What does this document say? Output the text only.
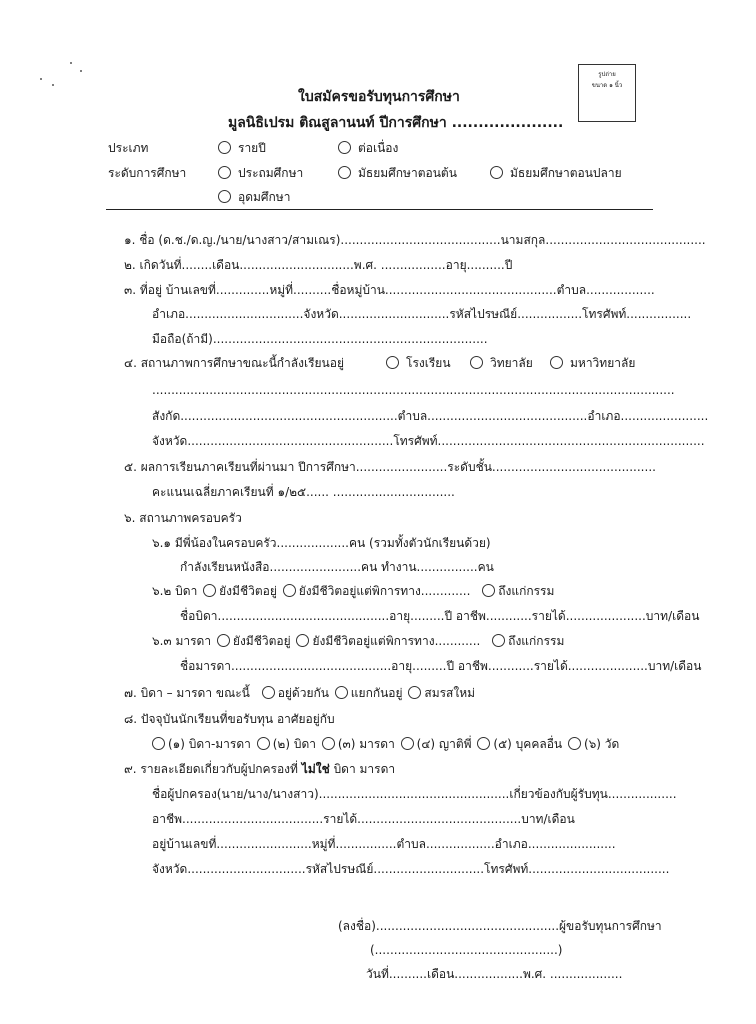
ใบสมัครขอรับทุนการศึกษา
มูลนิธิเปรม ติณสูลานนท์ ปีการศึกษา .....................
รูปถ่าย
ขนาด ๑ นิ้ว
ประเภท	รายปี	ต่อเนื่อง
ระดับการศึกษา	ประถมศึกษา	มัธยมศึกษาตอนต้น	มัธยมศึกษาตอนปลาย
อุดมศึกษา
๑. ชื่อ (ด.ช./ด.ญ./นาย/นางสาว/สามเณร)..........................................นามสกุล..........................................
๒. เกิดวันที่........เดือน..............................พ.ศ. .................อายุ..........ปี
๓. ที่อยู่ บ้านเลขที่..............หมู่ที่..........ชื่อหมู่บ้าน.............................................ตำบล..................
อำเภอ...............................จังหวัด.............................รหัสไปรษณีย์.................โทรศัพท์.................
มือถือ(ถ้ามี)........................................................................
๔. สถานภาพการศึกษาขณะนี้กำลังเรียนอยู่	โรงเรียน	วิทยาลัย	มหาวิทยาลัย
.........................................................................................................................................
สังกัด.........................................................ตำบล..........................................อำเภอ.......................
จังหวัด......................................................โทรศัพท์......................................................................
๕. ผลการเรียนภาคเรียนที่ผ่านมา ปีการศึกษา........................ระดับชั้น...........................................
คะแนนเฉลี่ยภาคเรียนที่ ๑/๒๕...... ................................
๖. สถานภาพครอบครัว
๖.๑ มีพี่น้องในครอบครัว...................คน (รวมทั้งตัวนักเรียนด้วย)
กำลังเรียนหนังสือ........................คน ทำงาน................คน
๖.๒ บิดา ยังมีชีวิตอยู่ ยังมีชีวิตอยู่แต่พิการทาง............. ถึงแก่กรรม
ชื่อบิดา.............................................อายุ.........ปี อาชีพ............รายได้.....................บาท/เดือน
๖.๓ มารดา ยังมีชีวิตอยู่ ยังมีชีวิตอยู่แต่พิการทาง............ ถึงแก่กรรม
ชื่อมารดา..........................................อายุ.........ปี อาชีพ............รายได้.....................บาท/เดือน
๗. บิดา – มารดา ขณะนี้ อยู่ด้วยกัน แยกกันอยู่ สมรสใหม่
๘. ปัจจุบันนักเรียนที่ขอรับทุน อาศัยอยู่กับ
(๑) บิดา-มารดา (๒) บิดา (๓) มารดา (๔) ญาติพี่ (๕) บุคคลอื่น (๖) วัด
๙. รายละเอียดเกี่ยวกับผู้ปกครองที่ ไม่ใช่ บิดา มารดา
ชื่อผู้ปกครอง(นาย/นาง/นางสาว)..................................................เกี่ยวข้องกับผู้รับทุน..................
อาชีพ.....................................รายได้...........................................บาท/เดือน
อยู่บ้านเลขที่.........................หมู่ที่................ตำบล..................อำเภอ.......................
จังหวัด...............................รหัสไปรษณีย์.............................โทรศัพท์.....................................
(ลงชื่อ)................................................ผู้ขอรับทุนการศึกษา
(................................................)
วันที่..........เดือน..................พ.ศ. ...................
